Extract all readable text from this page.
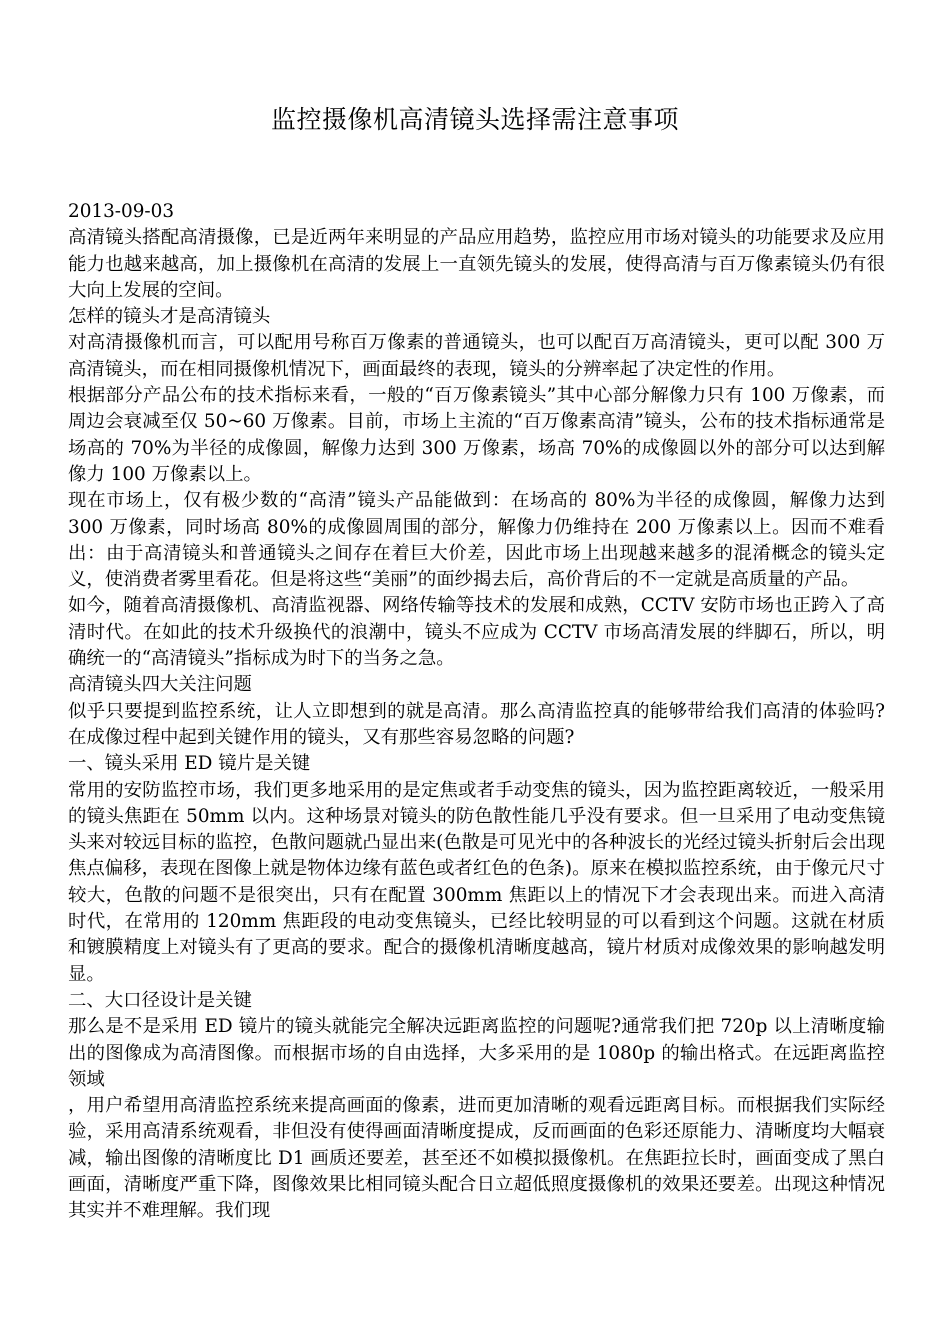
监控摄像机高清镜头选择需注意事项

2013-09-03

高清镜头搭配高清摄像，已是近两年来明显的产品应用趋势，监控应用市场对镜头的功能要求及应用能力也越来越高，加上摄像机在高清的发展上一直领先镜头的发展，使得高清与百万像素镜头仍有很大向上发展的空间。

怎样的镜头才是高清镜头

对高清摄像机而言，可以配用号称百万像素的普通镜头，也可以配百万高清镜头，更可以配 300 万高清镜头，而在相同摄像机情况下，画面最终的表现，镜头的分辨率起了决定性的作用。

根据部分产品公布的技术指标来看，一般的“百万像素镜头”其中心部分解像力只有 100 万像素，而周边会衰减至仅 50~60 万像素。目前，市场上主流的“百万像素高清”镜头，公布的技术指标通常是场高的 70%为半径的成像圆，解像力达到 300 万像素，场高 70%的成像圆以外的部分可以达到解像力 100 万像素以上。

现在市场上，仅有极少数的“高清”镜头产品能做到：在场高的 80%为半径的成像圆，解像力达到 300 万像素，同时场高 80%的成像圆周围的部分，解像力仍维持在 200 万像素以上。因而不难看出：由于高清镜头和普通镜头之间存在着巨大价差，因此市场上出现越来越多的混淆概念的镜头定义，使消费者雾里看花。但是将这些“美丽”的面纱揭去后，高价背后的不一定就是高质量的产品。

如今，随着高清摄像机、高清监视器、网络传输等技术的发展和成熟，CCTV 安防市场也正跨入了高清时代。在如此的技术升级换代的浪潮中，镜头不应成为 CCTV 市场高清发展的绊脚石，所以，明确统一的“高清镜头”指标成为时下的当务之急。

高清镜头四大关注问题

似乎只要提到监控系统，让人立即想到的就是高清。那么高清监控真的能够带给我们高清的体验吗?在成像过程中起到关键作用的镜头，又有那些容易忽略的问题?

一、镜头采用 ED 镜片是关键

常用的安防监控市场，我们更多地采用的是定焦或者手动变焦的镜头，因为监控距离较近，一般采用的镜头焦距在 50mm 以内。这种场景对镜头的防色散性能几乎没有要求。但一旦采用了电动变焦镜头来对较远目标的监控，色散问题就凸显出来(色散是可见光中的各种波长的光经过镜头折射后会出现焦点偏移，表现在图像上就是物体边缘有蓝色或者红色的色条)。原来在模拟监控系统，由于像元尺寸较大，色散的问题不是很突出，只有在配置 300mm 焦距以上的情况下才会表现出来。而进入高清时代，在常用的 120mm 焦距段的电动变焦镜头，已经比较明显的可以看到这个问题。这就在材质和镀膜精度上对镜头有了更高的要求。配合的摄像机清晰度越高，镜片材质对成像效果的影响越发明显。

二、大口径设计是关键

那么是不是采用 ED 镜片的镜头就能完全解决远距离监控的问题呢?通常我们把 720p 以上清晰度输出的图像成为高清图像。而根据市场的自由选择，大多采用的是 1080p 的输出格式。在远距离监控领域

，用户希望用高清监控系统来提高画面的像素，进而更加清晰的观看远距离目标。而根据我们实际经验，采用高清系统观看，非但没有使得画面清晰度提成，反而画面的色彩还原能力、清晰度均大幅衰减，输出图像的清晰度比 D1 画质还要差，甚至还不如模拟摄像机。在焦距拉长时，画面变成了黑白画面，清晰度严重下降，图像效果比相同镜头配合日立超低照度摄像机的效果还要差。出现这种情况其实并不难理解。我们现
